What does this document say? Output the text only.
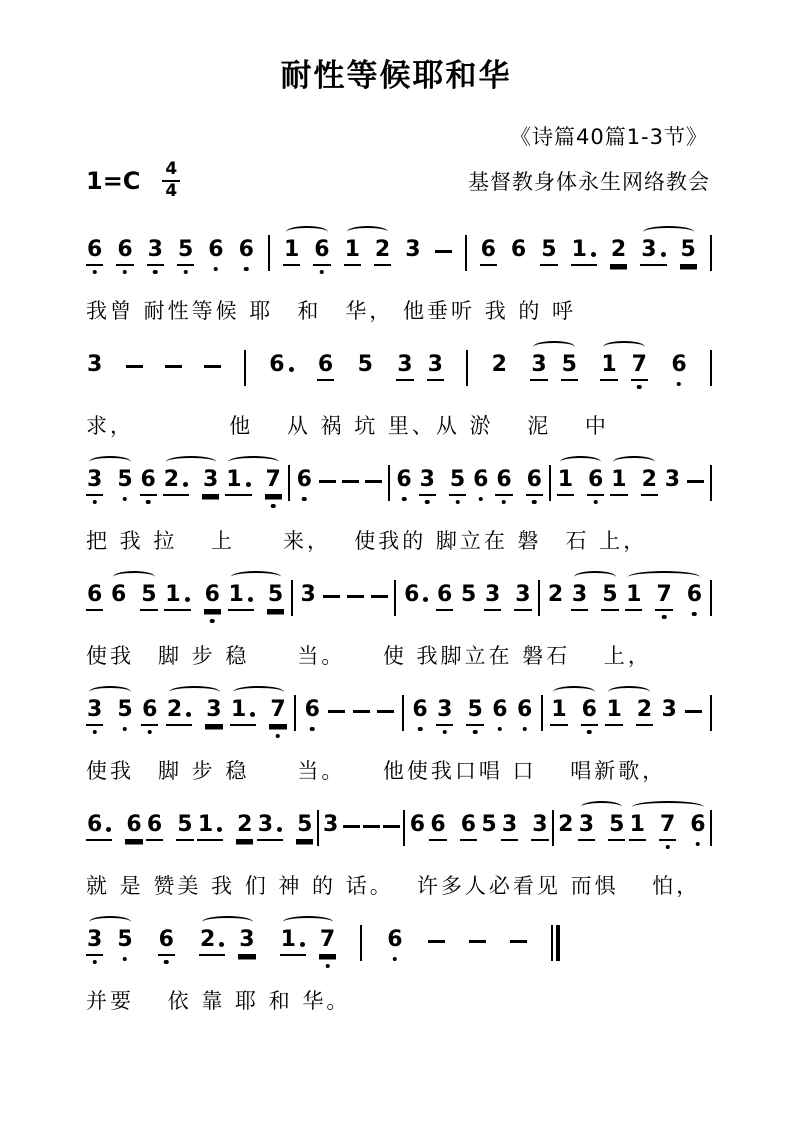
耐性等候耶和华
《诗篇40篇1-3节》
$1=C \frac{4}{4}$	基督教身体永生网络教会
6 6 3 5 6 6 1 6 1 2 3	6 6 5 1	2 3	5
我曾 耐性等候 耶　和　华， 他垂听 我 的 呼
3	6	6 5 3 3 2 3 5 1 7 6
求，　　　　 他　 从 祸 坑 里、从 淤　 泥　 中
3 5 6 2	3 1	7 6	6 3 5 6 6 6 1 6 1 2 3
把 我 拉　 上　　来，　 使我的 脚立在 磐　石 上，
6 6 5 1	6 1	5 3	6 6 5 3 3 2 3 5 1 7 6
使我　脚 步 稳　　当。　　使 我脚立在 磐石　 上，
3 5 6 2	3 1	7 6	6 3 5 6 6 1 6 1 2 3
使我　脚 步 稳　　当。　　他使我口唱 口　 唱新歌，
6	6 6 5 1	2 3	5 3	6 6 6 5 3 3 2 3 5 1 7 6
就 是 赞美 我 们 神 的 话。　 许多人必看见 而惧　 怕，
3 5 6 2	3 1	7 6
并要　 依 靠 耶 和 华。
